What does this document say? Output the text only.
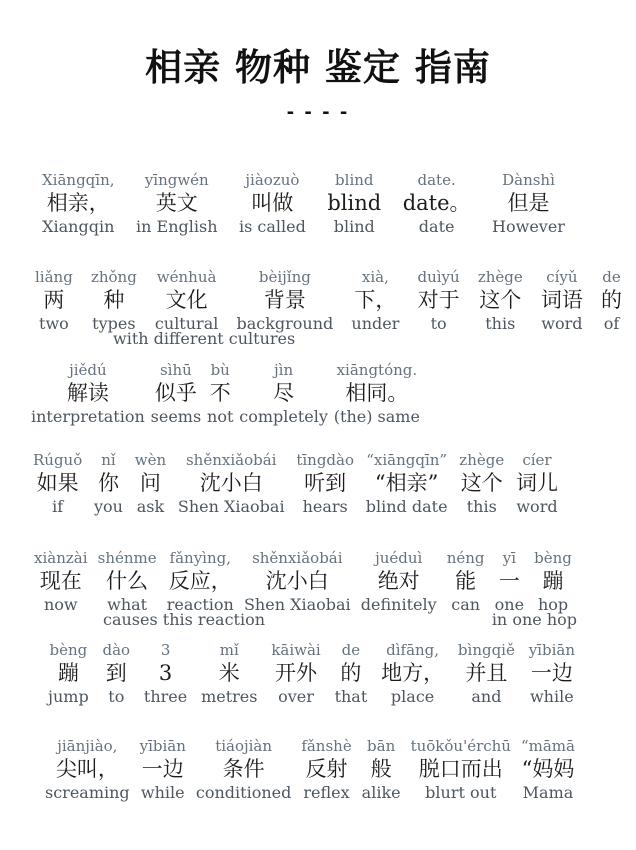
相亲 物种 鉴定 指南
- - - -
Xiāngqīn,
相亲，
Xiangqin
yīngwén
英文
in English
jiàozuò
叫做
is called
blind
blind
blind
date.
date。
date
Dànshì
但是
However
liǎng
两
two
zhǒng
种
types
wénhuà
文化
cultural
bèijǐng
背景
background
xià,
下，
under
duìyú
对于
to
zhège
这个
this
cíyǔ
词语
word
de
的
of
with different cultures
jiědú
解读
interpretation
sìhū
似乎
seems
bù
不
not
jìn
尽
completely
xiāngtóng.
相同。
(the) same
Rúguǒ
如果
if
nǐ
你
you
wèn
问
ask
shěnxiǎobái
沈小白
Shen Xiaobai
tīngdào
听到
hears
“xiāngqīn”
“相亲”
blind date
zhège
这个
this
cíer
词儿
word
xiànzài
现在
now
shénme
什么
what
fǎnyìng,
反应，
reaction
shěnxiǎobái
沈小白
Shen Xiaobai
juéduì
绝对
definitely
néng
能
can
yī
一
one
bèng
蹦
hop
causes this reaction	in one hop
bèng
蹦
jump
dào
到
to
3
3
three
mǐ
米
metres
kāiwài
开外
over
de
的
that
dìfāng,
地方，
place
bìngqiě
并且
and
yībiān
一边
while
jiānjiào,
尖叫，
screaming
yībiān
一边
while
tiáojiàn
条件
conditioned
fǎnshè
反射
reflex
bān
般
alike
tuōkǒu'érchū
脱口而出
blurt out
“māmā
“妈妈
Mama
